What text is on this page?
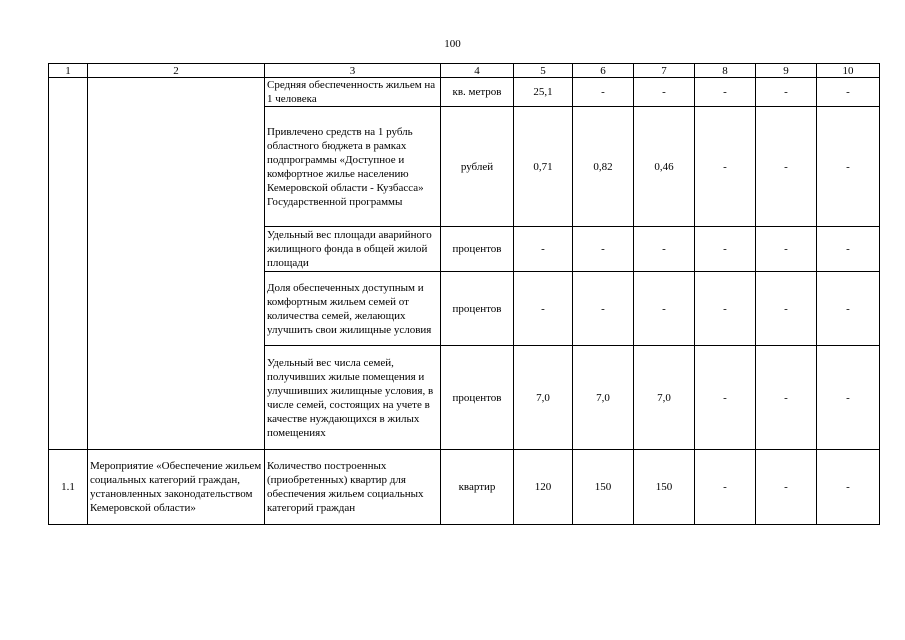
100
1	2	3	4	5	6	7	8	9	10
		Средняя обеспеченность жильем на 1 человека	кв. метров	25,1	-	-	-	-	-
		Привлечено средств на 1 рубль областного бюджета в рамках подпрограммы «Доступное и комфортное жилье населению Кемеровской области - Кузбасса» Государственной программы	рублей	0,71	0,82	0,46	-	-	-
		Удельный вес площади аварийного жилищного фонда в общей жилой площади	процентов	-	-	-	-	-	-
		Доля обеспеченных доступным и комфортным жильем семей от количества семей, желающих улучшить свои жилищные условия	процентов	-	-	-	-	-	-
		Удельный вес числа семей, получивших жилые помещения и улучшивших жилищные условия, в числе семей, состоящих на учете в качестве нуждающихся в жилых помещениях	процентов	7,0	7,0	7,0	-	-	-
1.1	Мероприятие «Обеспечение жильем социальных категорий граждан, установленных законодательством Кемеровской области»	Количество построенных (приобретенных) квартир для обеспечения жильем социальных категорий граждан	квартир	120	150	150	-	-	-
